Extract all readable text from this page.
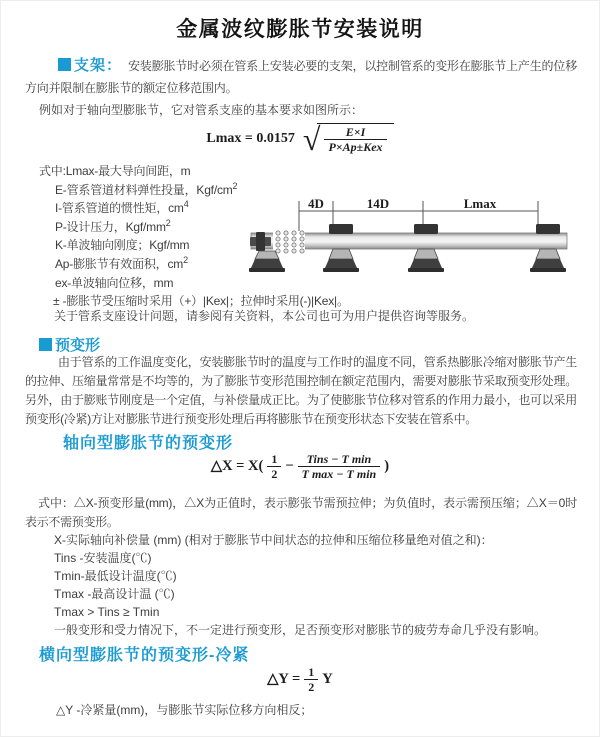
金属波纹膨胀节安装说明
支架： 安装膨胀节时必须在管系上安装必要的支架，以控制管系的变形在膨胀节上产生的位移方向并限制在膨胀节的额定位移范围内。
例如对于轴向型膨胀节，它对管系支座的基本要求如图所示：
Lmax = 0.0157 √ $\frac{E\times I}{\text{P×Ap±Kex}}$
式中:Lmax-最大导向间距，m
E-管系管道材料弹性投量，Kgf/$cm^2$
I-管系管道的惯性矩，$cm^4$
P-设计压力，Kgf/$mm^2$
K-单波轴向刚度；Kgf/mm
Ap-膨胀节有效面积，$cm^2$
ex-单波轴向位移，mm
± -膨胀节受压缩时采用（+）|Kex|；拉伸时采用(-)|Kex|。
关于管系支座设计问题，请参阅有关资料，本公司也可为用户提供咨询等服务。
4D	14D	Lmax
预变形
由于管系的工作温度变化，安装膨胀节时的温度与工作时的温度不同，管系热膨胀冷缩对膨胀节产生的拉伸、压缩量常常是不均等的，为了膨胀节变形范围控制在额定范围内，需要对膨胀节采取预变形处理。另外，由于膨账节刚度是一个定值，与补偿量成正比。为了使膨胀节位移对管系的作用力最小，也可以采用预变形(冷紧)方让对膨胀节进行预变形处理后再将膨胀节在预变形状态下安装在管系中。
轴向型膨胀节的预变形
△X = $X( \frac{1}{2} - \frac{\text{Tins − T min}}{\text{T max − T min}}$ )
式中：△X-预变形量(mm)，△X为正值时，表示膨张节需预拉伸；为负值时，表示需预压缩；△X＝0时表示不需预变形。
X-实际轴向补偿量 (mm) (相对于膨胀节中间状态的拉伸和压缩位移量绝对值之和)：
Tins -安装温度(℃)
Tmin-最低设计温度(℃)
Tmax -最高设计温 (℃)
Tmax > Tins ≥ Tmin
一般变形和受力情况下，不一定进行预变形，足否预变形对膨胀节的疲劳寿命几乎没有影响。
横向型膨胀节的预变形-冷紧
△Y = $\frac{1}{2}$ Y
△Y -冷紧量(mm)，与膨胀节实际位移方向相反；
